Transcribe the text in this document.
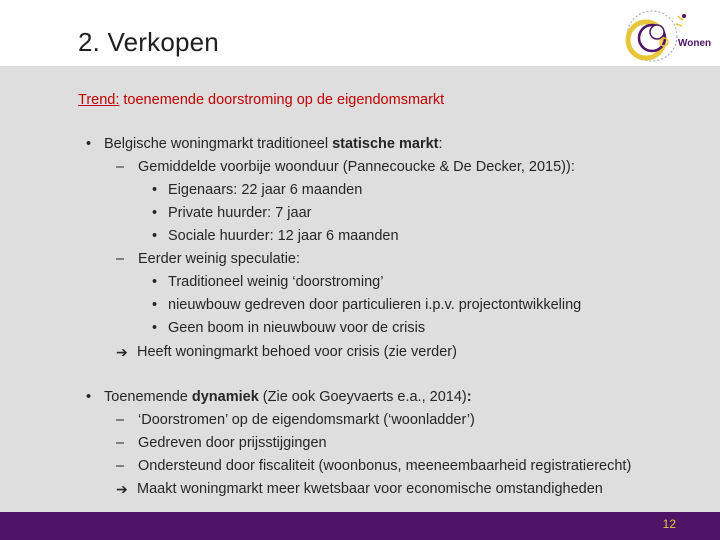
2. Verkopen	Wonen
Trend: toenemende doorstroming op de eigendomsmarkt
• Belgische woningmarkt traditioneel statische markt:
– Gemiddelde voorbije woonduur (Pannecoucke & De Decker, 2015)):
• Eigenaars: 22 jaar 6 maanden
• Private huurder: 7 jaar
• Sociale huurder: 12 jaar 6 maanden
– Eerder weinig speculatie:
• Traditioneel weinig ‘doorstroming’
• nieuwbouw gedreven door particulieren i.p.v. projectontwikkeling
• Geen boom in nieuwbouw voor de crisis
➔ Heeft woningmarkt behoed voor crisis (zie verder)
• Toenemende dynamiek (Zie ook Goeyvaerts e.a., 2014):
– ‘Doorstromen’ op de eigendomsmarkt (‘woonladder’)
– Gedreven door prijsstijgingen
– Ondersteund door fiscaliteit (woonbonus, meeneembaarheid registratierecht)
➔ Maakt woningmarkt meer kwetsbaar voor economische omstandigheden
12
